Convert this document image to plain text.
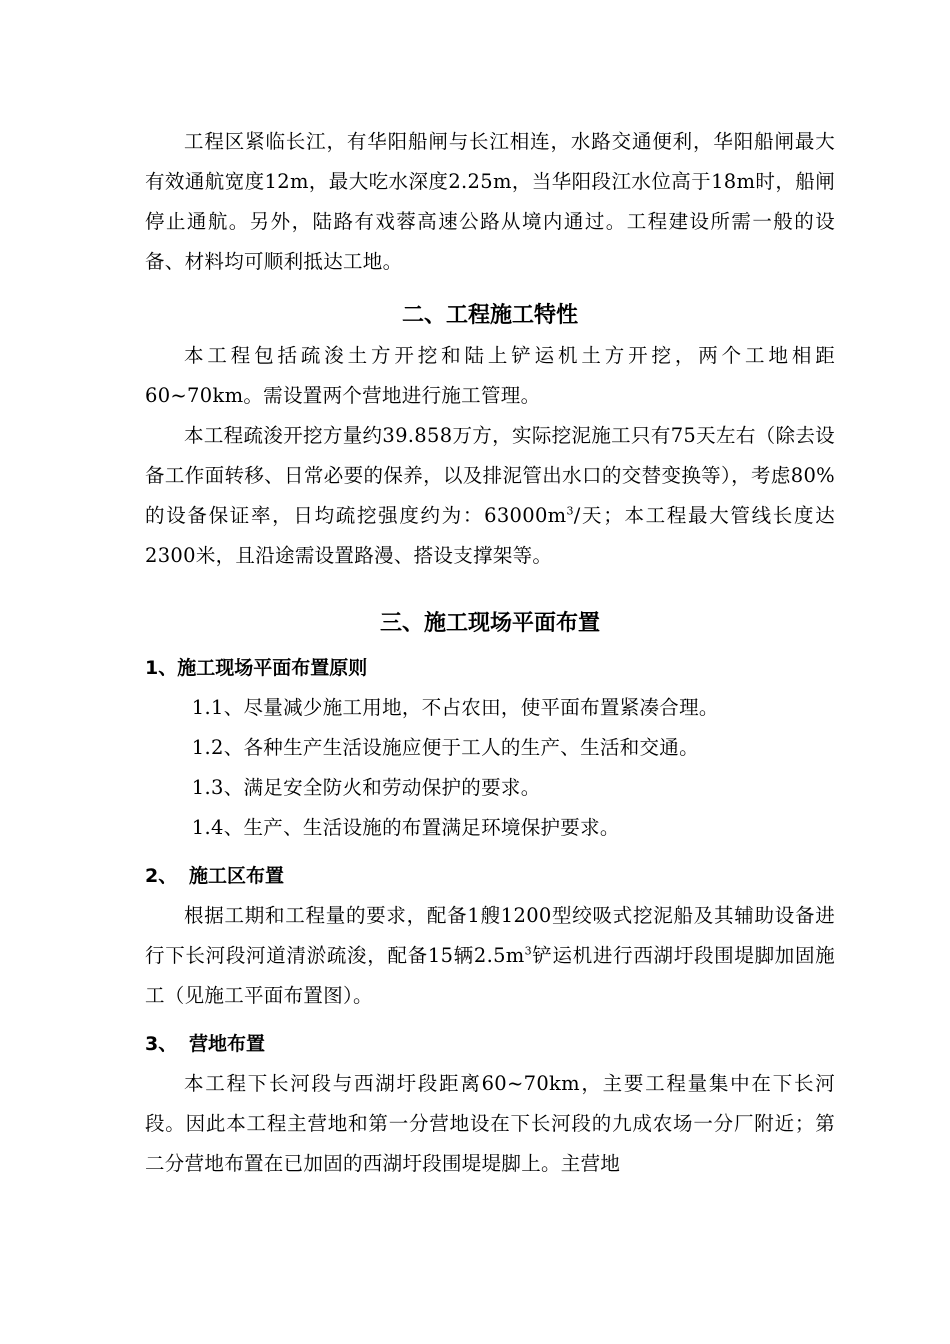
工程区紧临长江，有华阳船闸与长江相连，水路交通便利，华阳船闸最大有效通航宽度12m，最大吃水深度2.25m，当华阳段江水位高于18m时，船闸停止通航。另外，陆路有戏蓉高速公路从境内通过。工程建设所需一般的设备、材料均可顺利抵达工地。

二、工程施工特性

本工程包括疏浚土方开挖和陆上铲运机土方开挖，两个工地相距60~70km。需设置两个营地进行施工管理。

本工程疏浚开挖方量约39.858万方，实际挖泥施工只有75天左右（除去设备工作面转移、日常必要的保养，以及排泥管出水口的交替变换等），考虑80%的设备保证率，日均疏挖强度约为：$63000m^3/$天；本工程最大管线长度达2300米，且沿途需设置路漫、搭设支撑架等。

三、施工现场平面布置
1、施工现场平面布置原则

1.1、尽量减少施工用地，不占农田，使平面布置紧凑合理。

1.2、各种生产生活设施应便于工人的生产、生活和交通。

1.3、满足安全防火和劳动保护的要求。

1.4、生产、生活设施的布置满足环境保护要求。

2、 施工区布置

根据工期和工程量的要求，配备1艘1200型绞吸式挖泥船及其辅助设备进行下长河段河道清淤疏浚，配备15辆$2.5m^3$铲运机进行西湖圩段围堤脚加固施工（见施工平面布置图）。

3、 营地布置

本工程下长河段与西湖圩段距离60~70km，主要工程量集中在下长河段。因此本工程主营地和第一分营地设在下长河段的九成农场一分厂附近；第二分营地布置在已加固的西湖圩段围堤堤脚上。主营地
